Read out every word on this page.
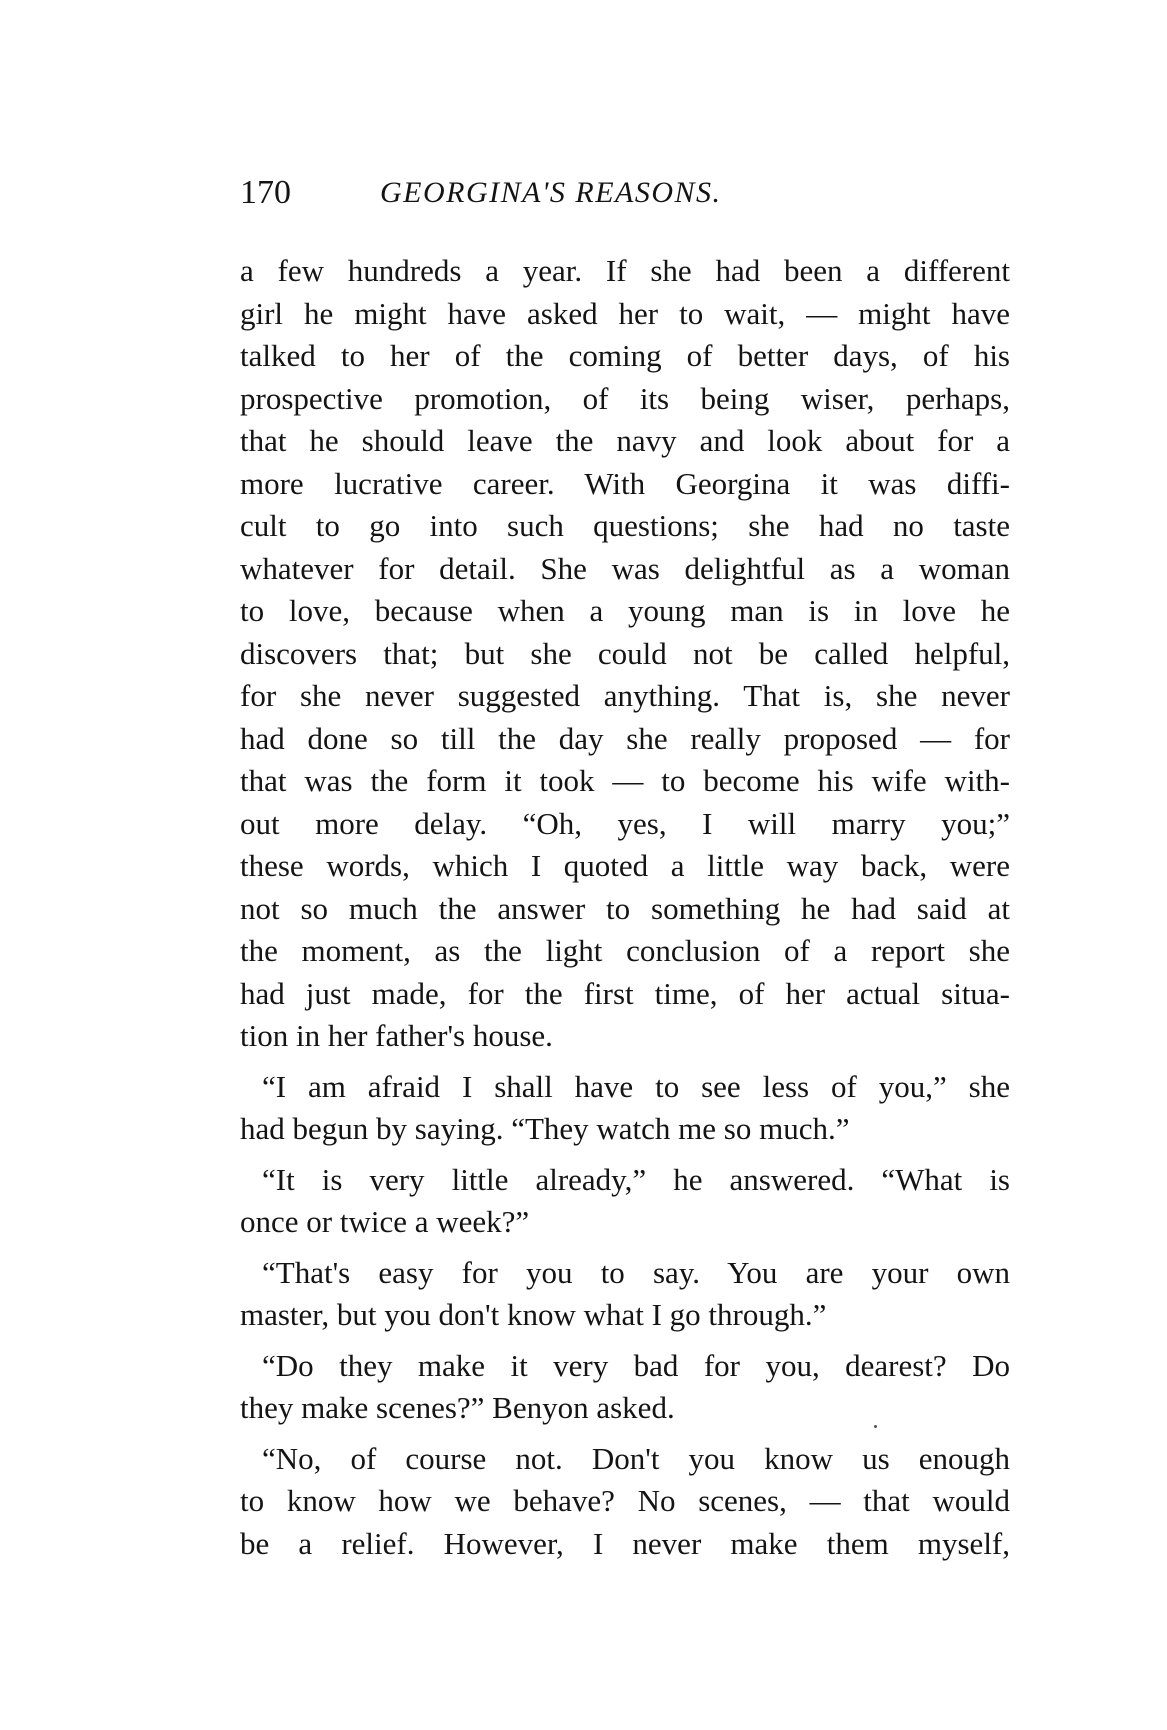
170	GEORGINA'S REASONS.
a few hundreds a year. If she had been a different
girl he might have asked her to wait, — might have
talked to her of the coming of better days, of his
prospective promotion, of its being wiser, perhaps,
that he should leave the navy and look about for a
more lucrative career. With Georgina it was diffi-
cult to go into such questions; she had no taste
whatever for detail. She was delightful as a woman
to love, because when a young man is in love he
discovers that; but she could not be called helpful,
for she never suggested anything. That is, she never
had done so till the day she really proposed — for
that was the form it took — to become his wife with-
out more delay. “Oh, yes, I will marry you;”
these words, which I quoted a little way back, were
not so much the answer to something he had said at
the moment, as the light conclusion of a report she
had just made, for the first time, of her actual situa-
tion in her father's house.
“I am afraid I shall have to see less of you,” she
had begun by saying. “They watch me so much.”
“It is very little already,” he answered. “What is
once or twice a week?”
“That's easy for you to say. You are your own
master, but you don't know what I go through.”
“Do they make it very bad for you, dearest? Do
they make scenes?” Benyon asked.
“No, of course not. Don't you know us enough
to know how we behave? No scenes, — that would
be a relief. However, I never make them myself,
